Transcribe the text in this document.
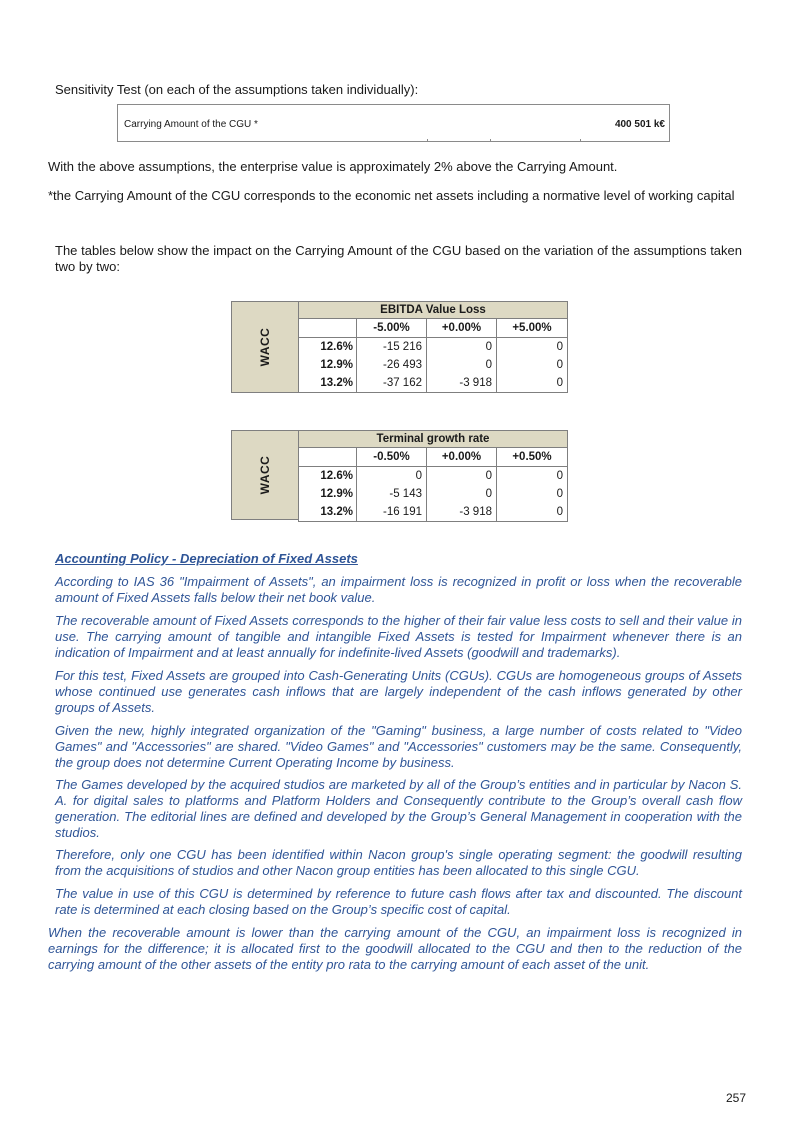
Sensitivity Test (on each of the assumptions taken individually):
Carrying Amount of the CGU *	400 501 k€
With the above assumptions, the enterprise value is approximately 2% above the Carrying Amount.
*the Carrying Amount of the CGU corresponds to the economic net assets including a normative level of working capital
The tables below show the impact on the Carrying Amount of the CGU based on the variation of the assumptions taken two by two:
WACC
EBITDA Value Loss
-5.00%	+0.00%	+5.00%
12.6%	-15 216	0	0
12.9%	-26 493	0	0
13.2%	-37 162	-3 918	0
WACC
Terminal growth rate
-0.50%	+0.00%	+0.50%
12.6%	0	0	0
12.9%	-5 143	0	0
13.2%	-16 191	-3 918	0
Accounting Policy - Depreciation of Fixed Assets
According to IAS 36 "Impairment of Assets", an impairment loss is recognized in profit or loss when the recoverable amount of Fixed Assets falls below their net book value.
The recoverable amount of Fixed Assets corresponds to the higher of their fair value less costs to sell and their value in use. The carrying amount of tangible and intangible Fixed Assets is tested for Impairment whenever there is an indication of Impairment and at least annually for indefinite-lived Assets (goodwill and trademarks).
For this test, Fixed Assets are grouped into Cash-Generating Units (CGUs). CGUs are homogeneous groups of Assets whose continued use generates cash inflows that are largely independent of the cash inflows generated by other groups of Assets.
Given the new, highly integrated organization of the "Gaming" business, a large number of costs related to "Video Games" and "Accessories" are shared. "Video Games" and "Accessories" customers may be the same. Consequently, the group does not determine Current Operating Income by business.
The Games developed by the acquired studios are marketed by all of the Group’s entities and in particular by Nacon S. A. for digital sales to platforms and Platform Holders and Consequently contribute to the Group’s overall cash flow generation. The editorial lines are defined and developed by the Group’s General Management in cooperation with the studios.
Therefore, only one CGU has been identified within Nacon group's single operating segment: the goodwill resulting from the acquisitions of studios and other Nacon group entities has been allocated to this single CGU.
The value in use of this CGU is determined by reference to future cash flows after tax and discounted. The discount rate is determined at each closing based on the Group’s specific cost of capital.
When the recoverable amount is lower than the carrying amount of the CGU, an impairment loss is recognized in earnings for the difference; it is allocated first to the goodwill allocated to the CGU and then to the reduction of the carrying amount of the other assets of the entity pro rata to the carrying amount of each asset of the unit.
257
